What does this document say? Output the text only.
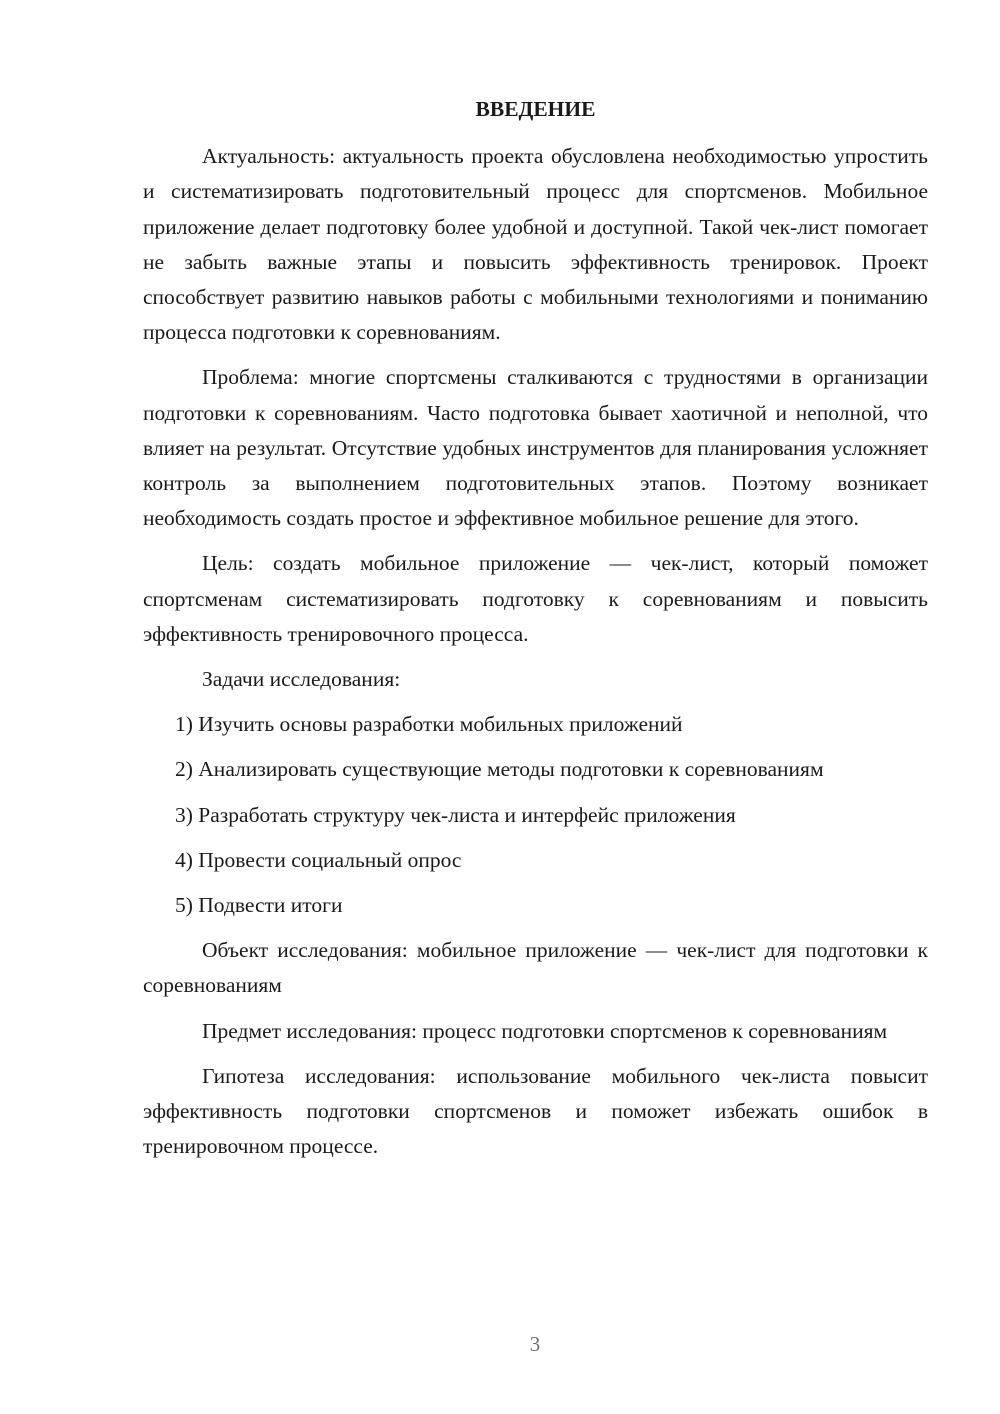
ВВЕДЕНИЕ

Актуальность: актуальность проекта обусловлена необходимостью упростить и систематизировать подготовительный процесс для спортсменов. Мобильное приложение делает подготовку более удобной и доступной. Такой чек-лист помогает не забыть важные этапы и повысить эффективность тренировок. Проект способствует развитию навыков работы с мобильными технологиями и пониманию процесса подготовки к соревнованиям.

Проблема: многие спортсмены сталкиваются с трудностями в организации подготовки к соревнованиям. Часто подготовка бывает хаотичной и неполной, что влияет на результат. Отсутствие удобных инструментов для планирования усложняет контроль за выполнением подготовительных этапов. Поэтому возникает необходимость создать простое и эффективное мобильное решение для этого.

Цель: создать мобильное приложение — чек-лист, который поможет спортсменам систематизировать подготовку к соревнованиям и повысить эффективность тренировочного процесса.

Задачи исследования:
1) Изучить основы разработки мобильных приложений
2) Анализировать существующие методы подготовки к соревнованиям
3) Разработать структуру чек-листа и интерфейс приложения
4) Провести социальный опрос
5) Подвести итоги

Объект исследования: мобильное приложение — чек-лист для подготовки к соревнованиям

Предмет исследования: процесс подготовки спортсменов к соревнованиям

Гипотеза исследования: использование мобильного чек-листа повысит эффективность подготовки спортсменов и поможет избежать ошибок в тренировочном процессе.

3
